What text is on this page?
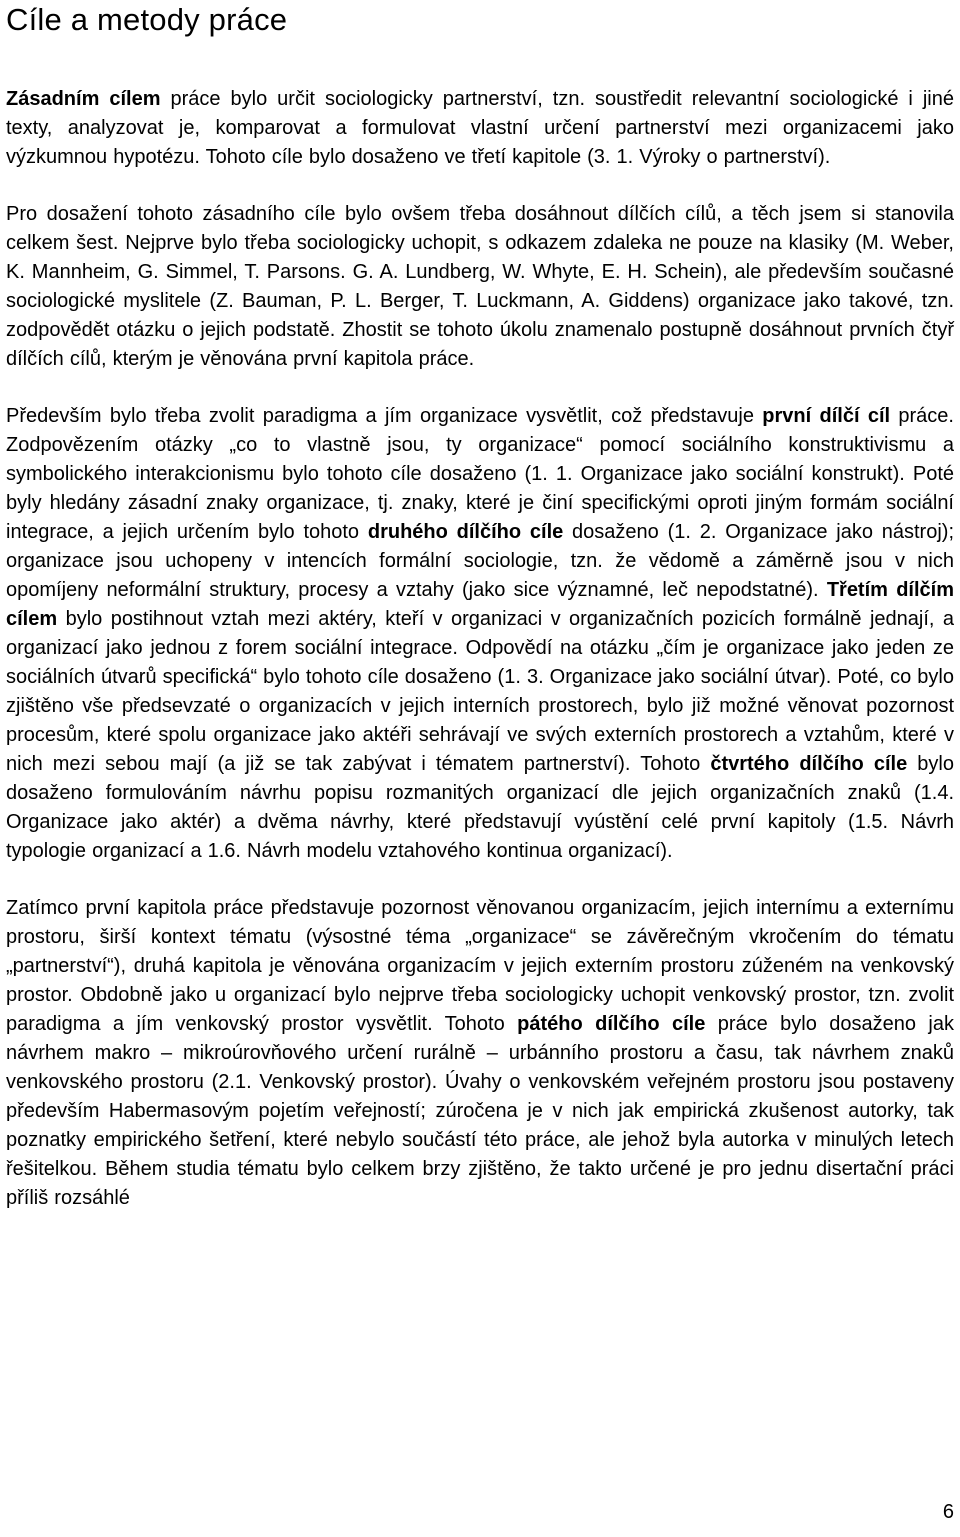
Cíle a metody práce

Zásadním cílem práce bylo určit sociologicky partnerství, tzn. soustředit relevantní sociologické i jiné texty, analyzovat je, komparovat a formulovat vlastní určení partnerství mezi organizacemi jako výzkumnou hypotézu. Tohoto cíle bylo dosaženo ve třetí kapitole (3. 1. Výroky o partnerství).

Pro dosažení tohoto zásadního cíle bylo ovšem třeba dosáhnout dílčích cílů, a těch jsem si stanovila celkem šest. Nejprve bylo třeba sociologicky uchopit, s odkazem zdaleka ne pouze na klasiky (M. Weber, K. Mannheim, G. Simmel, T. Parsons. G. A. Lundberg, W. Whyte, E. H. Schein), ale především současné sociologické myslitele (Z. Bauman, P. L. Berger, T. Luckmann, A. Giddens) organizace jako takové, tzn. zodpovědět otázku o jejich podstatě. Zhostit se tohoto úkolu znamenalo postupně dosáhnout prvních čtyř dílčích cílů, kterým je věnována první kapitola práce.

Především bylo třeba zvolit paradigma a jím organizace vysvětlit, což představuje první dílčí cíl práce. Zodpovězením otázky „co to vlastně jsou, ty organizace“ pomocí sociálního konstruktivismu a symbolického interakcionismu bylo tohoto cíle dosaženo (1. 1. Organizace jako sociální konstrukt). Poté byly hledány zásadní znaky organizace, tj. znaky, které je činí specifickými oproti jiným formám sociální integrace, a jejich určením bylo tohoto druhého dílčího cíle dosaženo (1. 2. Organizace jako nástroj); organizace jsou uchopeny v intencích formální sociologie, tzn. že vědomě a záměrně jsou v nich opomíjeny neformální struktury, procesy a vztahy (jako sice významné, leč nepodstatné). Třetím dílčím cílem bylo postihnout vztah mezi aktéry, kteří v organizaci v organizačních pozicích formálně jednají, a organizací jako jednou z forem sociální integrace. Odpovědí na otázku „čím je organizace jako jeden ze sociálních útvarů specifická“ bylo tohoto cíle dosaženo (1. 3. Organizace jako sociální útvar). Poté, co bylo zjištěno vše předsevzaté o organizacích v jejich interních prostorech, bylo již možné věnovat pozornost procesům, které spolu organizace jako aktéři sehrávají ve svých externích prostorech a vztahům, které v nich mezi sebou mají (a již se tak zabývat i tématem partnerství). Tohoto čtvrtého dílčího cíle bylo dosaženo formulováním návrhu popisu rozmanitých organizací dle jejich organizačních znaků (1.4. Organizace jako aktér) a dvěma návrhy, které představují vyústění celé první kapitoly (1.5. Návrh typologie organizací a 1.6. Návrh modelu vztahového kontinua organizací).

Zatímco první kapitola práce představuje pozornost věnovanou organizacím, jejich internímu a externímu prostoru, širší kontext tématu (výsostné téma „organizace“ se závěrečným vkročením do tématu „partnerství“), druhá kapitola je věnována organizacím v jejich externím prostoru zúženém na venkovský prostor. Obdobně jako u organizací bylo nejprve třeba sociologicky uchopit venkovský prostor, tzn. zvolit paradigma a jím venkovský prostor vysvětlit. Tohoto pátého dílčího cíle práce bylo dosaženo jak návrhem makro – mikroúrovňového určení rurálně – urbánního prostoru a času, tak návrhem znaků venkovského prostoru (2.1. Venkovský prostor). Úvahy o venkovském veřejném prostoru jsou postaveny především Habermasovým pojetím veřejností; zúročena je v nich jak empirická zkušenost autorky, tak poznatky empirického šetření, které nebylo součástí této práce, ale jehož byla autorka v minulých letech řešitelkou. Během studia tématu bylo celkem brzy zjištěno, že takto určené je pro jednu disertační práci příliš rozsáhlé

6
